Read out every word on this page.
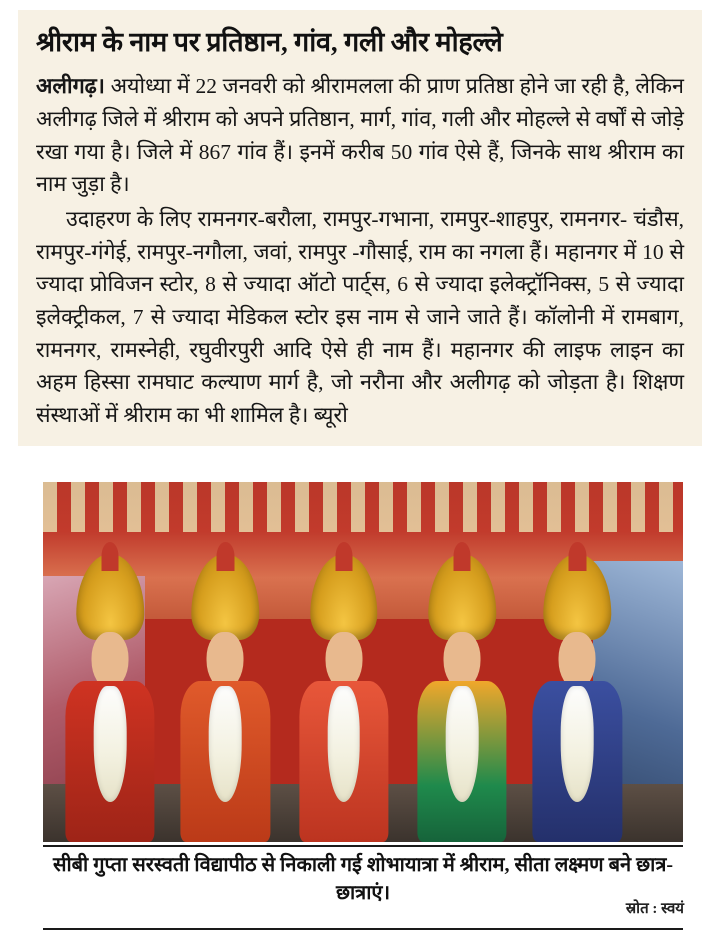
श्रीराम के नाम पर प्रतिष्ठान, गांव, गली और मोहल्ले

अलीगढ़। अयोध्या में 22 जनवरी को श्रीरामलला की प्राण प्रतिष्ठा होने जा रही है, लेकिन अलीगढ़ जिले में श्रीराम को अपने प्रतिष्ठान, मार्ग, गांव, गली और मोहल्ले से वर्षों से जोड़े रखा गया है। जिले में 867 गांव हैं। इनमें करीब 50 गांव ऐसे हैं, जिनके साथ श्रीराम का नाम जुड़ा है।

उदाहरण के लिए रामनगर-बरौला, रामपुर-गभाना, रामपुर-शाहपुर, रामनगर- चंडौस, रामपुर-गंगेई, रामपुर-नगौला, जवां, रामपुर -गौसाई, राम का नगला हैं। महानगर में 10 से ज्यादा प्रोविजन स्टोर, 8 से ज्यादा ऑटो पार्ट्स, 6 से ज्यादा इलेक्ट्रॉनिक्स, 5 से ज्यादा इलेक्ट्रीकल, 7 से ज्यादा मेडिकल स्टोर इस नाम से जाने जाते हैं। कॉलोनी में रामबाग, रामनगर, रामस्नेही, रघुवीरपुरी आदि ऐसे ही नाम हैं। महानगर की लाइफ लाइन का अहम हिस्सा रामघाट कल्याण मार्ग है, जो नरौना और अलीगढ़ को जोड़ता है। शिक्षण संस्थाओं में श्रीराम का भी शामिल है। ब्यूरो

सीबी गुप्ता सरस्वती विद्यापीठ से निकाली गई शोभायात्रा में श्रीराम, सीता लक्ष्मण बने छात्र-छात्राएं।
स्रोत : स्वयं
